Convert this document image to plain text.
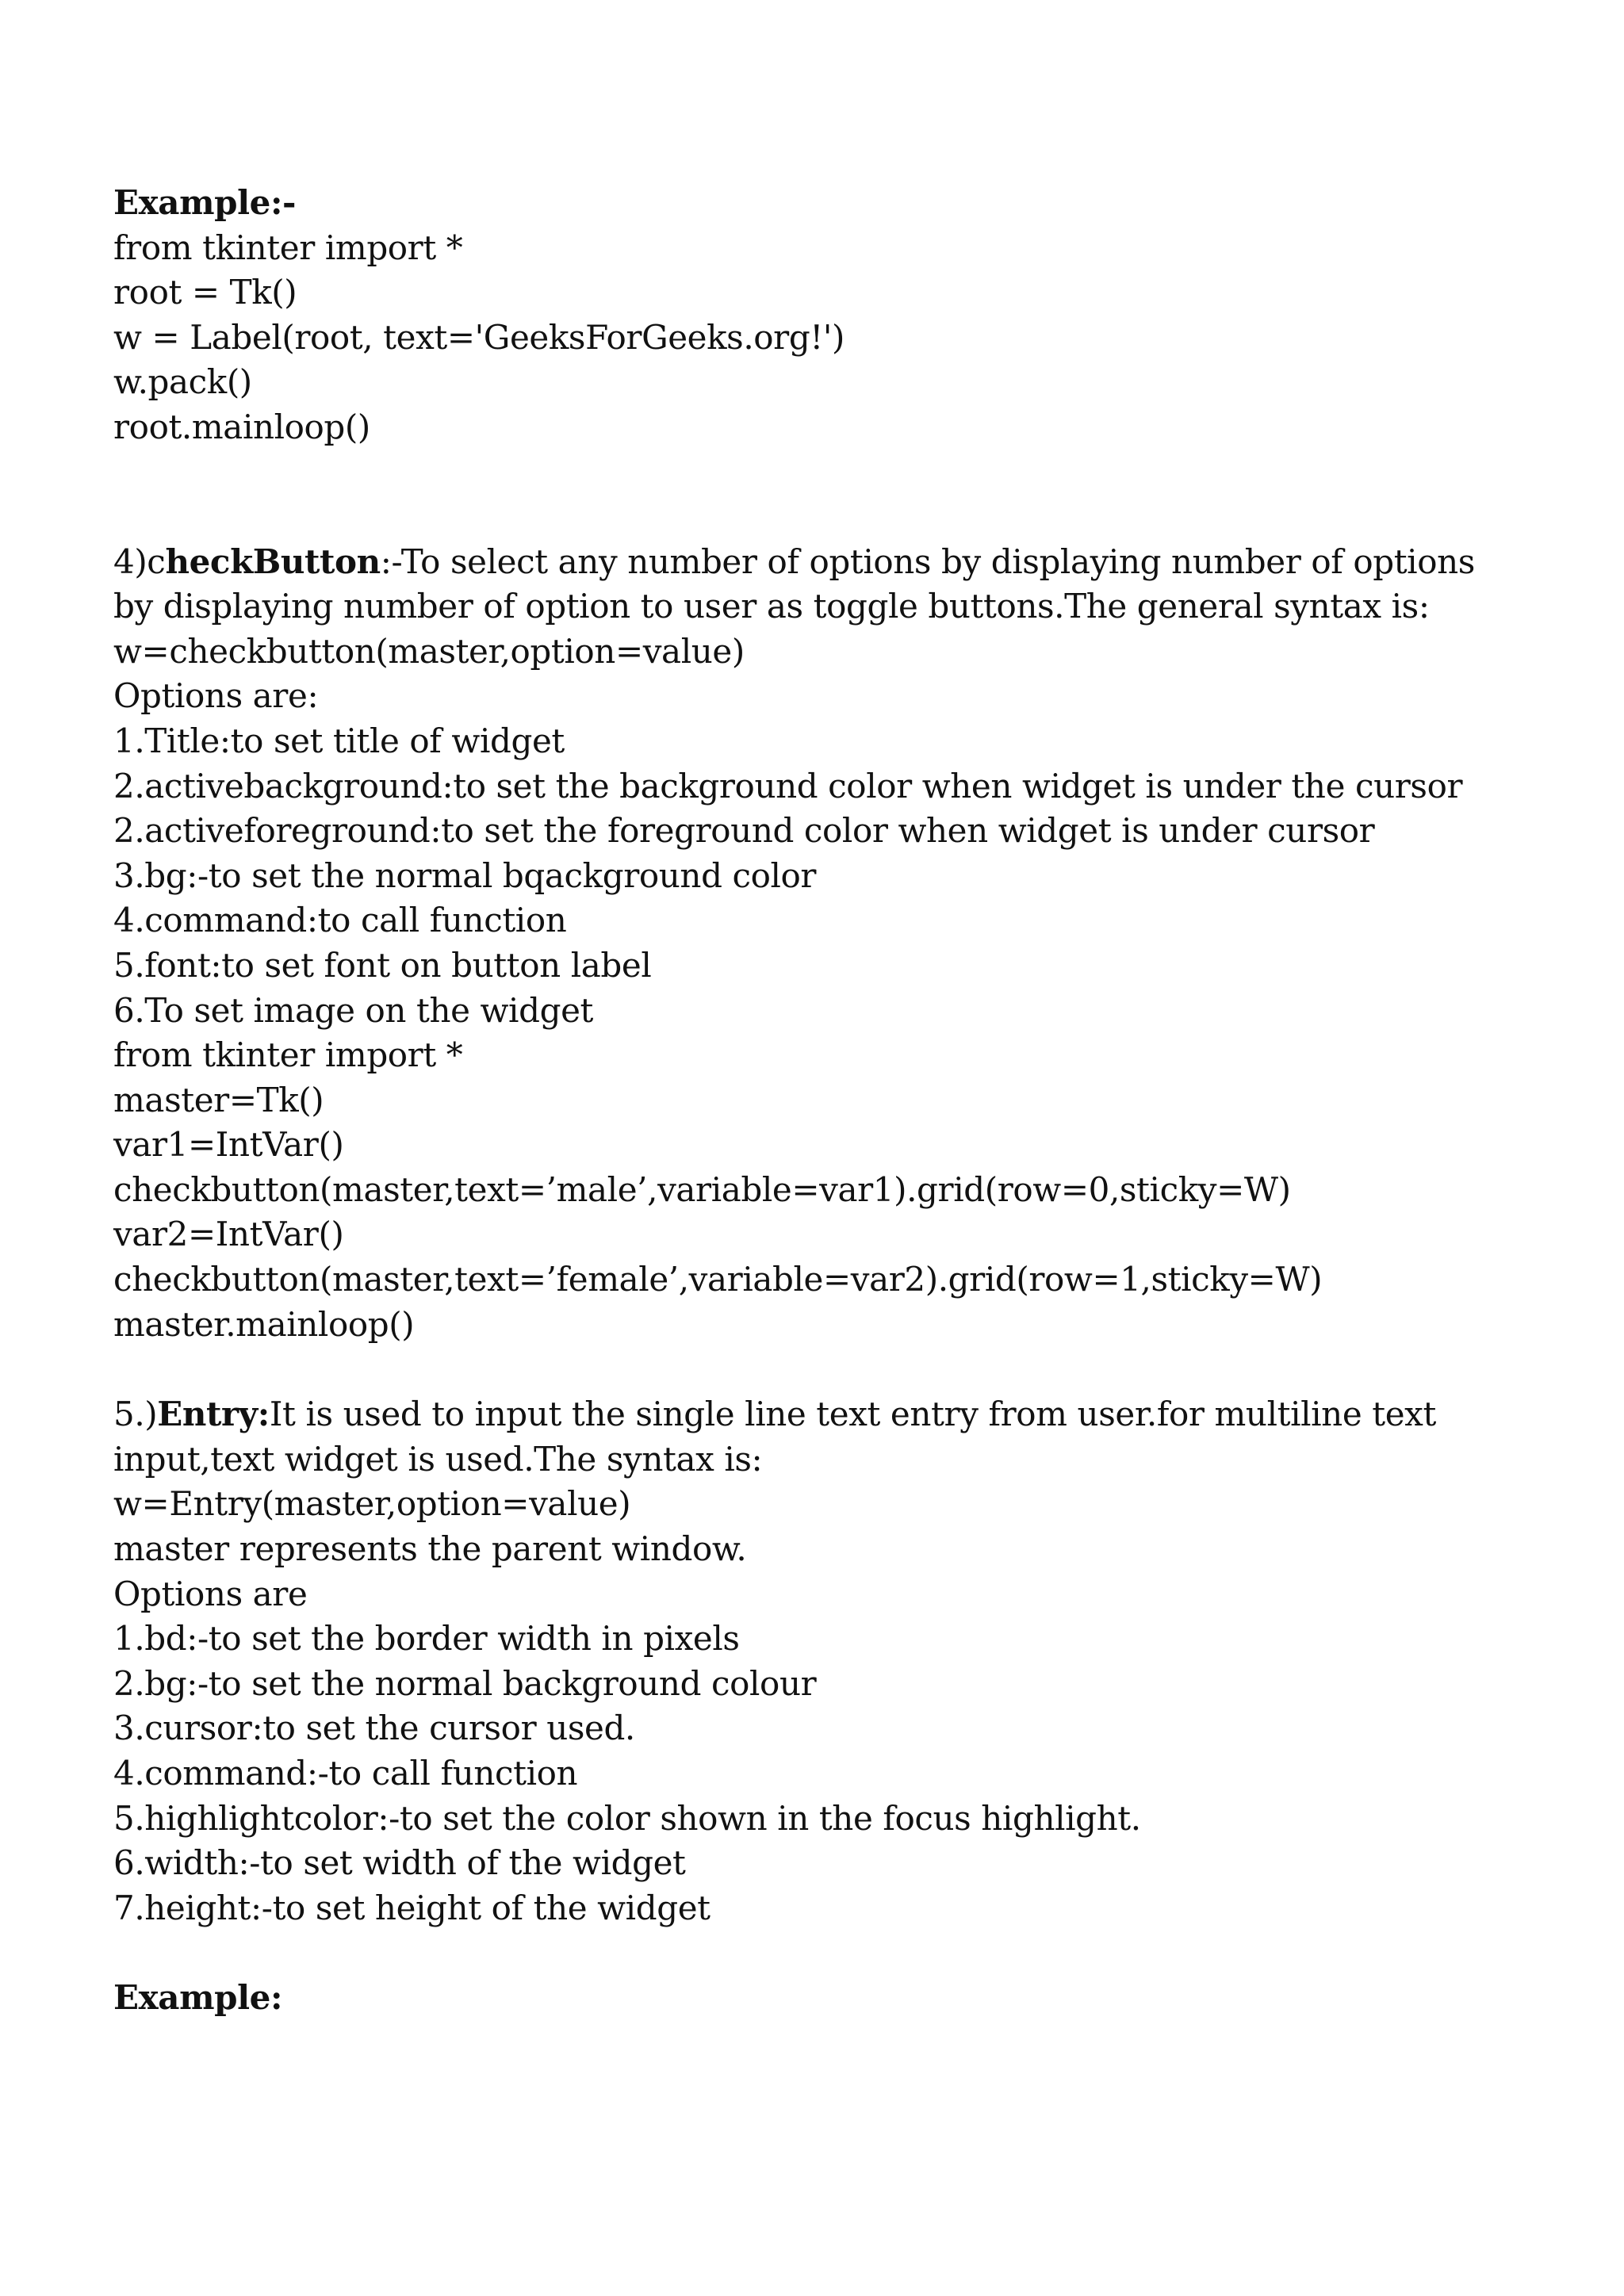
Example:-

from tkinter import *

root = Tk()

w = Label(root, text='GeeksForGeeks.org!')

w.pack()

root.mainloop()

4)checkButton:-To select any number of options by displaying number of options

by displaying number of option to user as toggle buttons.The general syntax is:

w=checkbutton(master,option=value)

Options are:

1.Title:to set title of widget

2.activebackground:to set the background color when widget is under the cursor

2.activeforeground:to set the foreground color when widget is under cursor

3.bg:-to set the normal bqackground color

4.command:to call function

5.font:to set font on button label

6.To set image on the widget

from tkinter import *

master=Tk()

var1=IntVar()

checkbutton(master,text=’male’,variable=var1).grid(row=0,sticky=W)

var2=IntVar()

checkbutton(master,text=’female’,variable=var2).grid(row=1,sticky=W)

master.mainloop()

5.)Entry:It is used to input the single line text entry from user.for multiline text

input,text widget is used.The syntax is:

w=Entry(master,option=value)

master represents the parent window.

Options are

1.bd:-to set the border width in pixels

2.bg:-to set the normal background colour

3.cursor:to set the cursor used.

4.command:-to call function

5.highlightcolor:-to set the color shown in the focus highlight.

6.width:-to set width of the widget

7.height:-to set height of the widget

Example:
